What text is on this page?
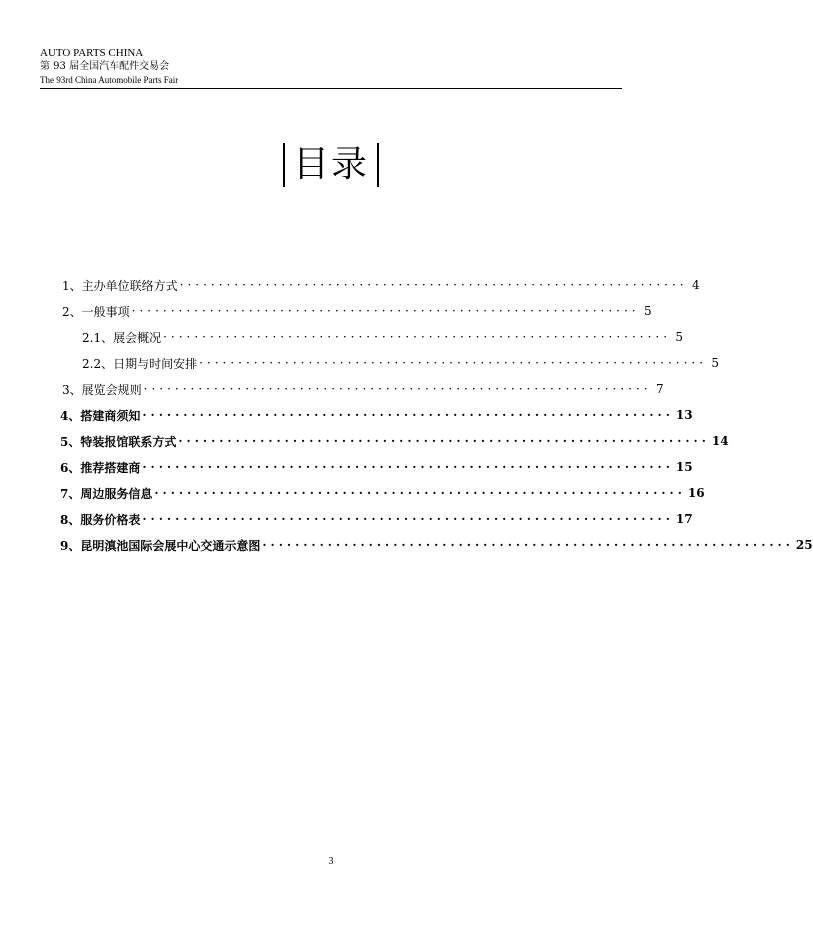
AUTO PARTS CHINA
第 93 届全国汽车配件交易会
The 93rd China Automobile Parts Fair
目录
1、主办单位联络方式 ································································· 4
2、一般事项 ································································· 5
2.1、展会概况 ································································· 5
2.2、日期与时间安排 ································································· 5
3、展览会规则 ································································· 7
4、搭建商须知 ································································· 13
5、特装报馆联系方式 ································································· 14
6、推荐搭建商 ································································· 15
7、周边服务信息 ································································· 16
8、服务价格表 ································································· 17
9、昆明滇池国际会展中心交通示意图 ································································· 25
3
